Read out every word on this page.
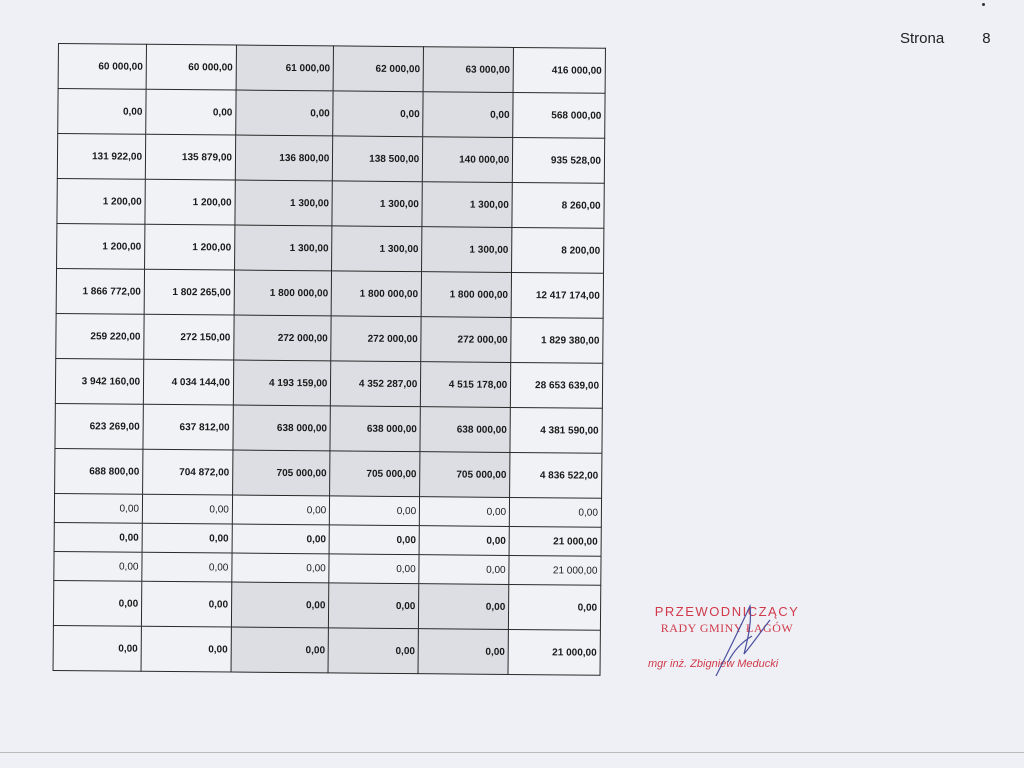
Strona	8
60 000,00	60 000,00	61 000,00	62 000,00	63 000,00	416 000,00
0,00	0,00	0,00	0,00	0,00	568 000,00
131 922,00	135 879,00	136 800,00	138 500,00	140 000,00	935 528,00
1 200,00	1 200,00	1 300,00	1 300,00	1 300,00	8 260,00
1 200,00	1 200,00	1 300,00	1 300,00	1 300,00	8 200,00
1 866 772,00	1 802 265,00	1 800 000,00	1 800 000,00	1 800 000,00	12 417 174,00
259 220,00	272 150,00	272 000,00	272 000,00	272 000,00	1 829 380,00
3 942 160,00	4 034 144,00	4 193 159,00	4 352 287,00	4 515 178,00	28 653 639,00
623 269,00	637 812,00	638 000,00	638 000,00	638 000,00	4 381 590,00
688 800,00	704 872,00	705 000,00	705 000,00	705 000,00	4 836 522,00
0,00	0,00	0,00	0,00	0,00	0,00
0,00	0,00	0,00	0,00	0,00	21 000,00
0,00	0,00	0,00	0,00	0,00	21 000,00
0,00	0,00	0,00	0,00	0,00	0,00
0,00	0,00	0,00	0,00	0,00	21 000,00
PRZEWODNICZĄCY
RADY GMINY ŁAGÓW
mgr inż. Zbigniew Meducki
